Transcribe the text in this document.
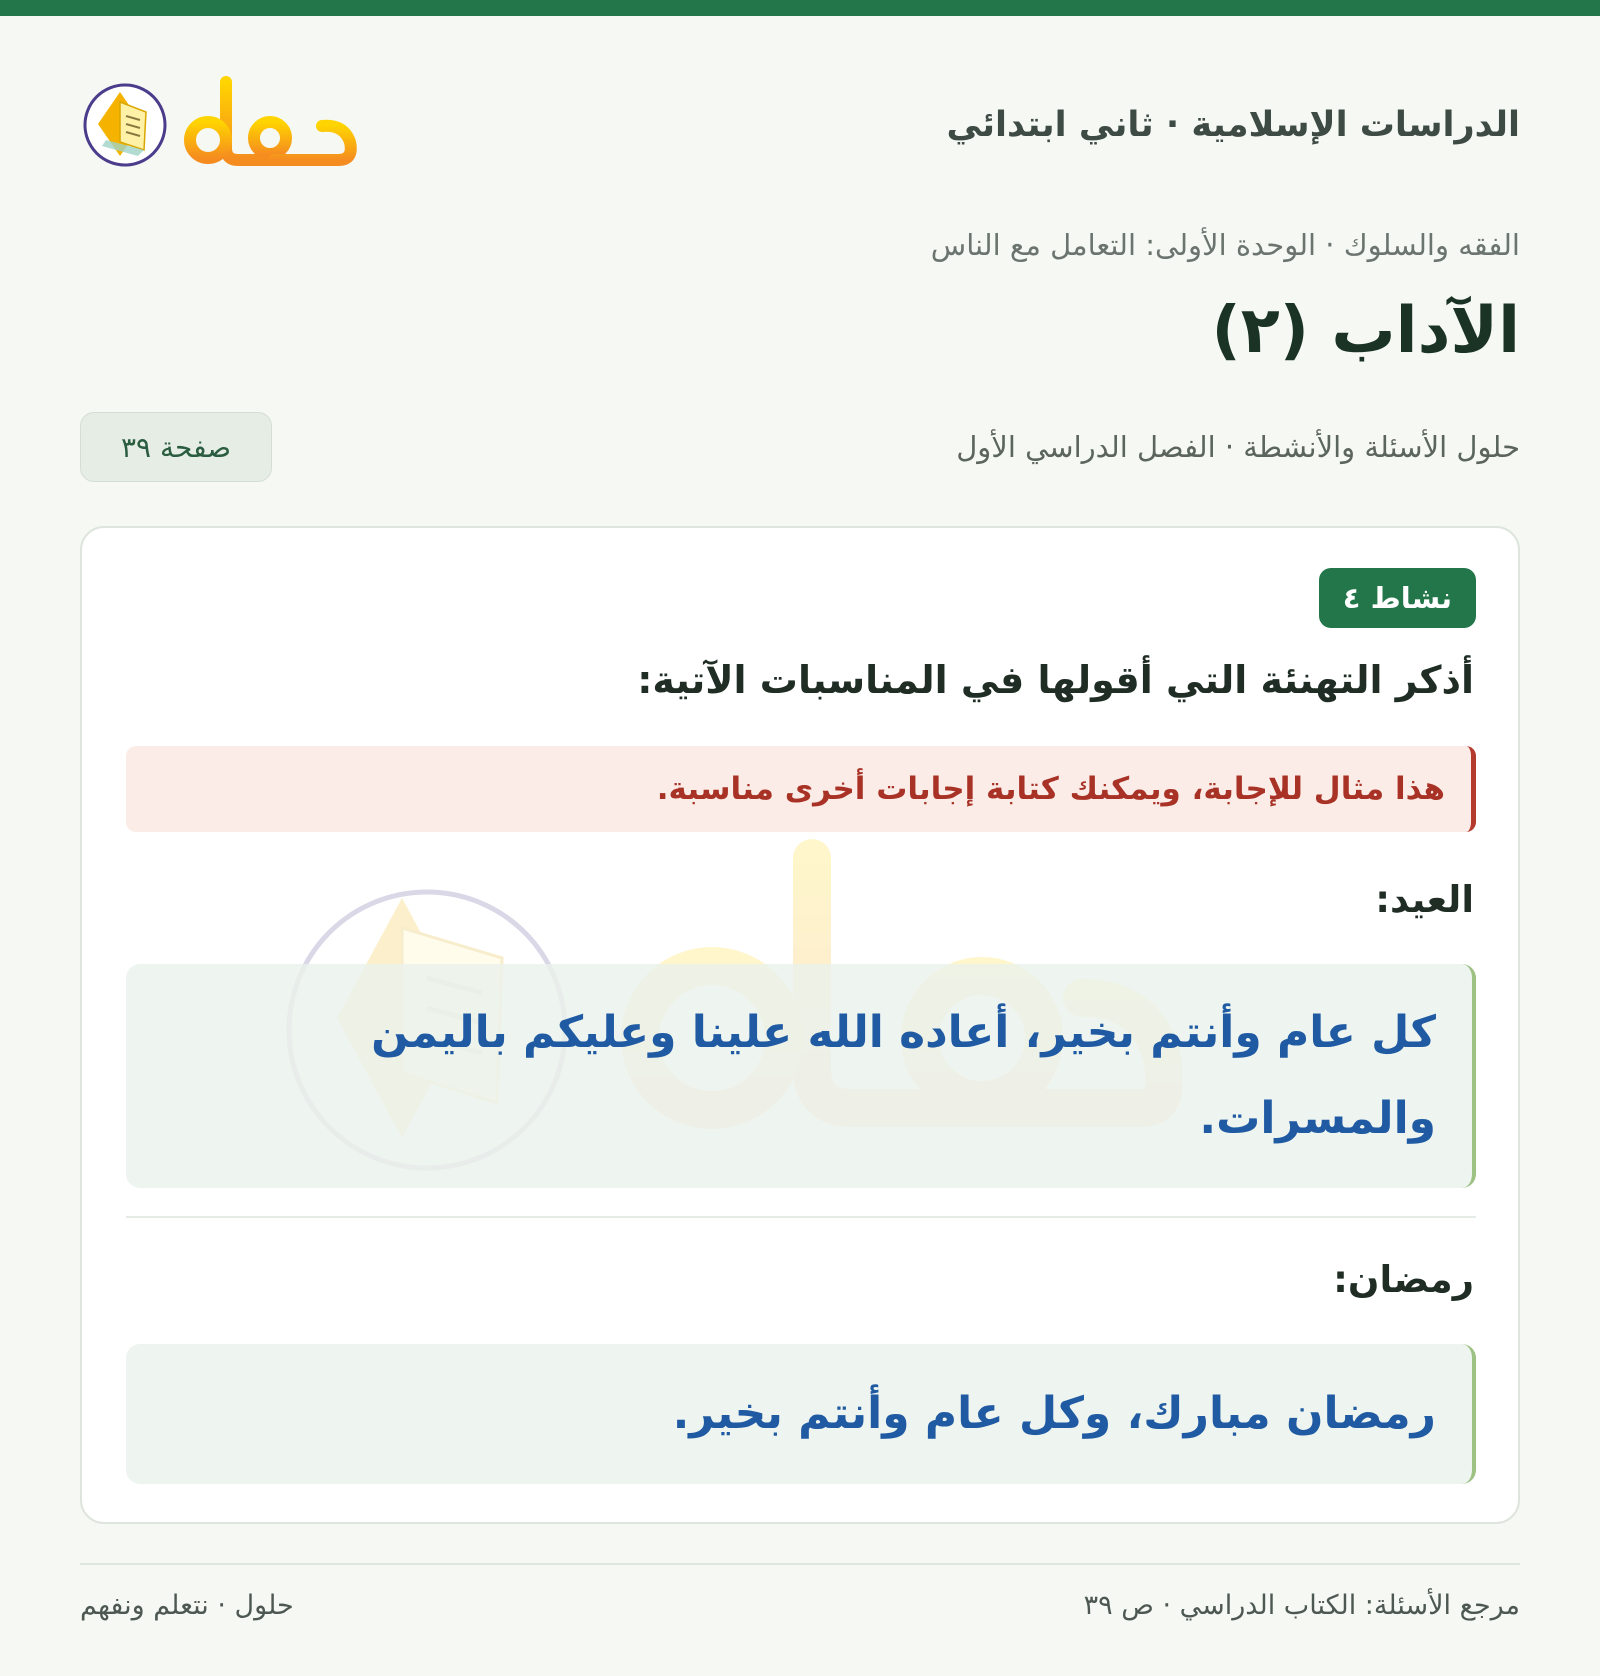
الدراسات الإسلامية · ثاني ابتدائي
الفقه والسلوك · الوحدة الأولى: التعامل مع الناس
الآداب (٢)
حلول الأسئلة والأنشطة · الفصل الدراسي الأول
صفحة ٣٩
نشاط ٤
أذكر التهنئة التي أقولها في المناسبات الآتية:
هذا مثال للإجابة، ويمكنك كتابة إجابات أخرى مناسبة.
العيد:
كل عام وأنتم بخير، أعاده الله علينا وعليكم باليمن والمسرات.
رمضان:
رمضان مبارك، وكل عام وأنتم بخير.
مرجع الأسئلة: الكتاب الدراسي · ص ٣٩
حلول · نتعلم ونفهم
